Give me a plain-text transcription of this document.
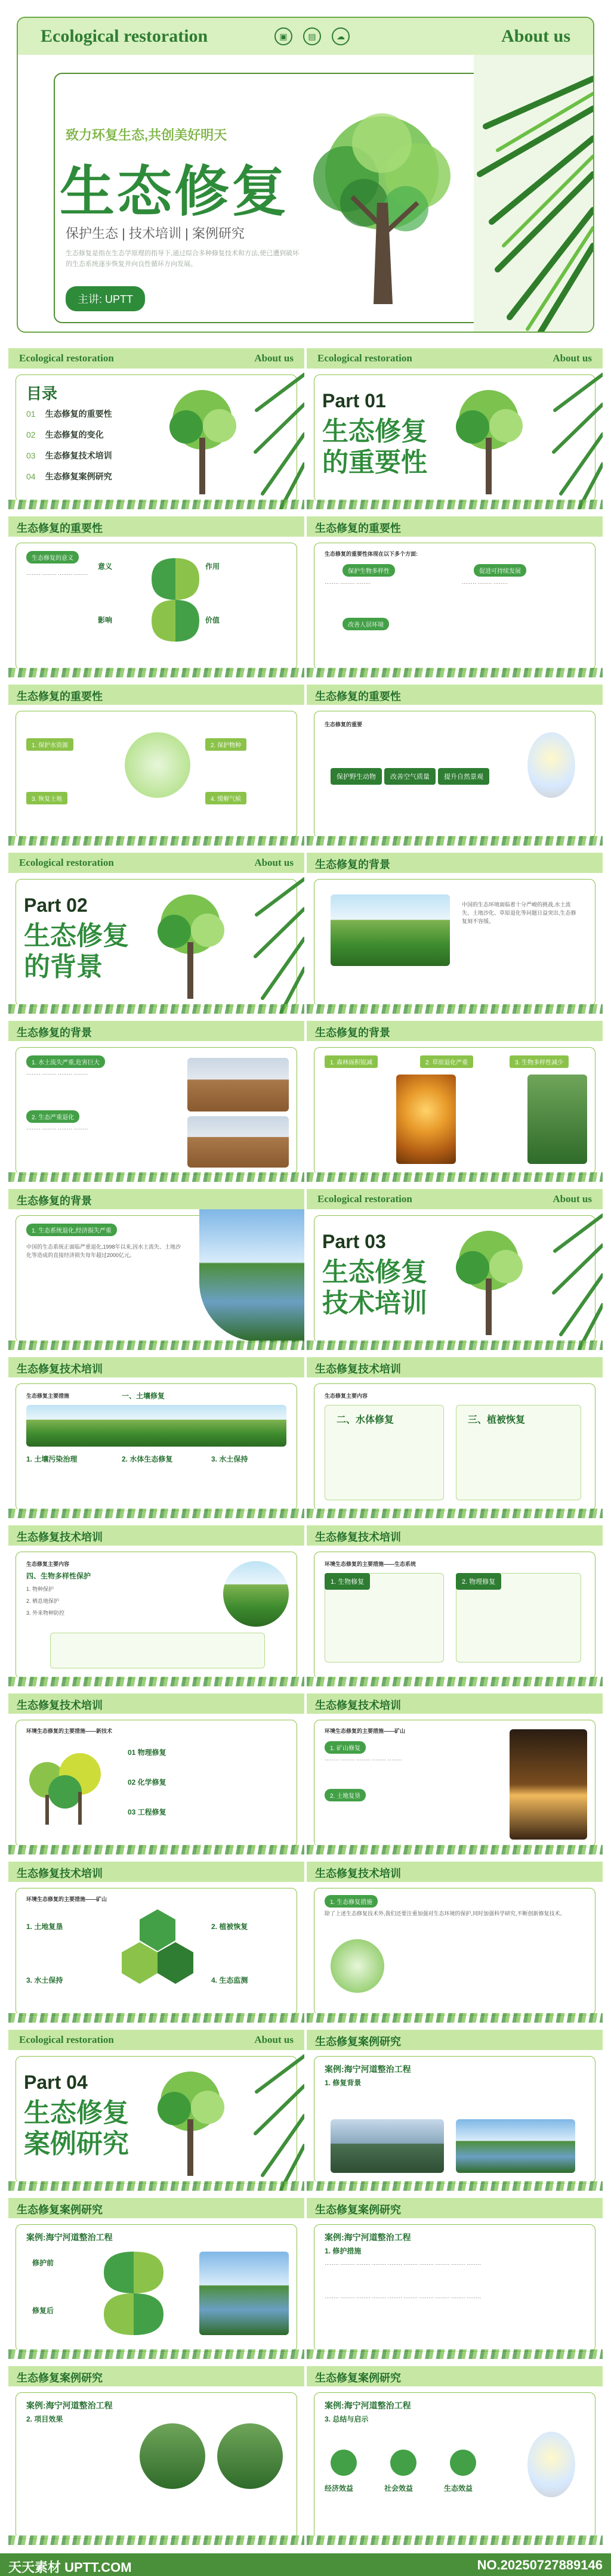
Ecological restoration	▣	▤	☁	About us
致力环复生态,共创美好明天
生态修复
保护生态 | 技术培训 | 案例研究
生态修复是指在生态学原理的指导下,通过综合多种修复技术和方法,使已遭到破坏的生态系统逐步恢复并向良性循环方向发展。
主讲: UPTT
Ecological restoration	About us
目录
01 生态修复的重要性
02 生态修复的变化
03 生态修复技术培训
04 生态修复案例研究
Ecological restoration	About us
Part 01
生态修复的重要性
生态修复的重要性
生态修复的意义
········ ········ ········ ········
意义
影响
作用
价值
生态修复的重要性
生态修复的重要性体现在以下多个方面:
保护生物多样性	促进可持续发展
改善人居环境
········ ········ ········	········ ········ ········
生态修复的重要性
1. 保护水资源	2. 保护物种
3. 恢复土地	4. 缓解气候
生态修复的重要性
生态修复的重要
保护野生动物	改善空气质量	提升自然景观
Ecological restoration	About us
Part 02
生态修复的背景
生态修复的背景
中国的生态环境面临着十分严峻的挑战,水土流失、土地沙化、草原退化等问题日益突出,生态修复刻不容缓。
生态修复的背景
1. 水土流失严重,危害巨大
········ ········ ········ ········
2. 生态严重退化
········ ········ ········ ········
生态修复的背景
1. 森林面积锐减	2. 草原退化严重	3. 生物多样性减少
生态修复的背景
1. 生态系统退化,经济损失严重
中国的生态系统正面临严重退化,1998年以来,因水土流失、土地沙化等造成的直接经济损失每年超过2000亿元。
Ecological restoration	About us
Part 03
生态修复技术培训
生态修复技术培训
生态修复主要措施	一、土壤修复
1. 土壤污染治理	2. 水体生态修复	3. 水土保持
生态修复技术培训
生态修复主要内容
二、水体修复	三、植被恢复
生态修复技术培训
生态修复主要内容
四、生物多样性保护
1. 物种保护
2. 栖息地保护
3. 外来物种防控
生态修复技术培训
环境生态修复的主要措施——生态系统
2. 物理修复
1. 生物修复
生态修复技术培训
环境生态修复的主要措施——新技术
01 物理修复
02 化学修复
03 工程修复
生态修复技术培训
环境生态修复的主要措施——矿山
1. 矿山修复
········ ········ ········ ········ ········
2. 土地复垦
生态修复技术培训
环境生态修复的主要措施——矿山
1. 土地复垦	2. 植被恢复
3. 水土保持	4. 生态监测
生态修复技术培训
1. 生态修复措施
除了上述生态修复技术外,我们还要注重加强对生态环境的保护,同时加强科学研究,不断创新修复技术。
Ecological restoration	About us
Part 04
生态修复案例研究
生态修复案例研究
案例:海宁河道整治工程
1. 修复背景
生态修复案例研究
案例:海宁河道整治工程
修护前
修复后
生态修复案例研究
案例:海宁河道整治工程
1. 修护措施
········ ········ ········ ········ ········ ········ ········ ········ ········ ········
········ ········ ········ ········ ········ ········ ········ ········ ········ ········
生态修复案例研究
案例:海宁河道整治工程
2. 项目效果
生态修复案例研究
案例:海宁河道整治工程
3. 总结与启示
经济效益	社会效益	生态效益
天天素材 UPTT.COM	NO.20250727889146
